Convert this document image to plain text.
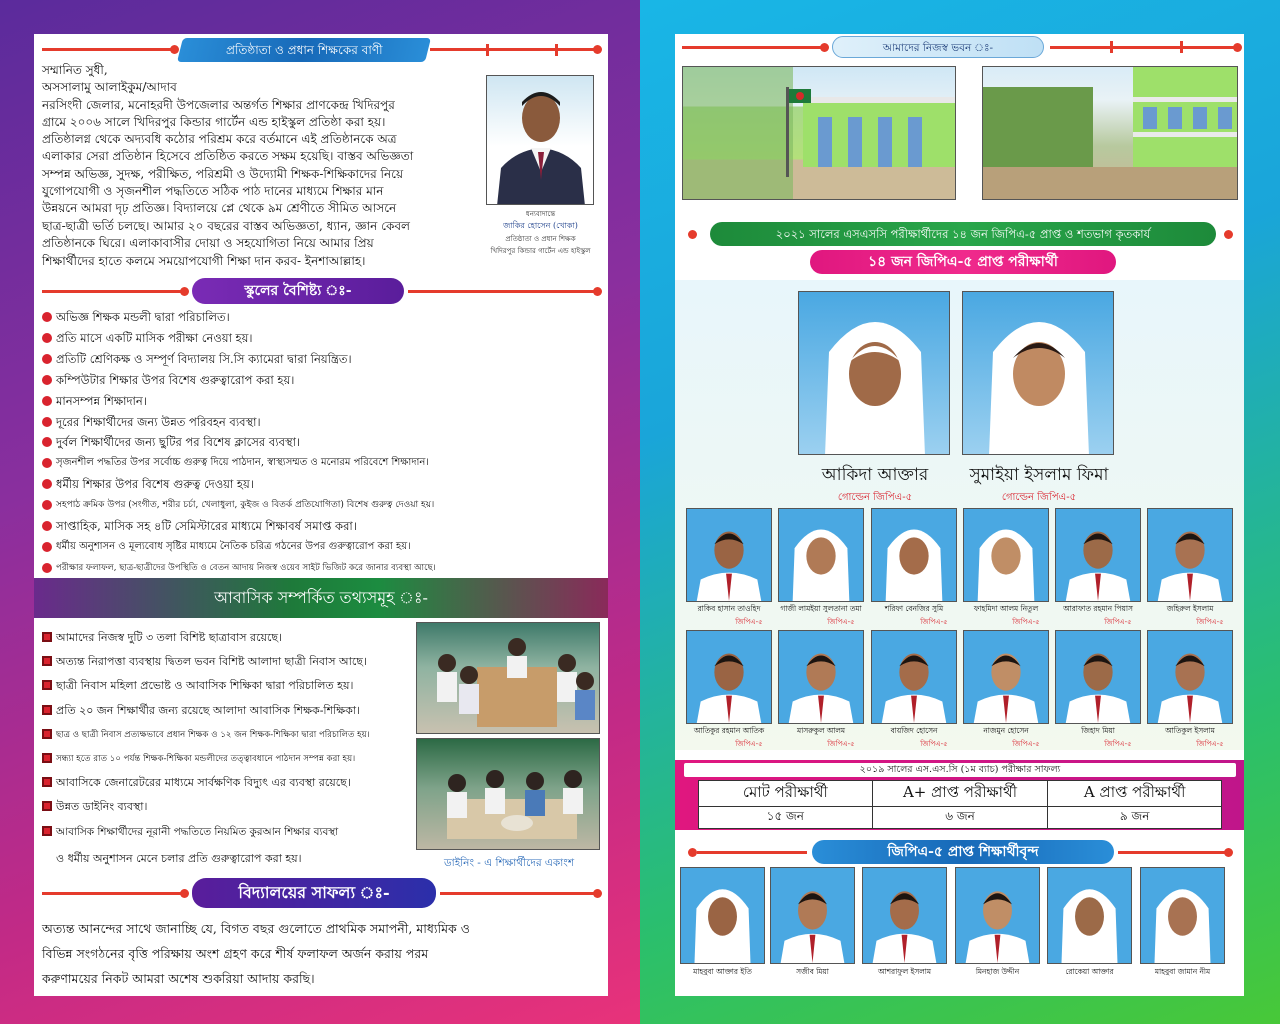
প্রতিষ্ঠাতা ও প্রধান শিক্ষকের বাণী
সম্মানিত সুধী,
অসসালামু আলাইকুম/আদাব
নরসিংদী জেলার, মনোহরদী উপজেলার অন্তর্গত শিক্ষার প্রাণকেন্দ্র খিদিরপুর
গ্রামে ২০০৬ সালে খিদিরপুর কিন্ডার গার্টেন এন্ড হাইস্কুল প্রতিষ্ঠা করা হয়।
প্রতিষ্ঠালগ্ন থেকে অদ্যবধি কঠোর পরিশ্রম করে বর্তমানে এই প্রতিষ্ঠানকে অত্র
এলাকার সেরা প্রতিষ্ঠান হিসেবে প্রতিষ্ঠিত করতে সক্ষম হয়েছি। বাস্তব অভিজ্ঞতা
সম্পন্ন অভিজ্ঞ, সুদক্ষ, পরীক্ষিত, পরিশ্রমী ও উদ্যোমী শিক্ষক-শিক্ষিকাদের নিয়ে
যুগোপযোগী ও সৃজনশীল পদ্ধতিতে সঠিক পাঠ দানের মাধ্যমে শিক্ষার মান
উন্নয়নে আমরা দৃঢ় প্রতিজ্ঞ। বিদ্যালয়ে প্লে থেকে ৯ম শ্রেণীতে সীমিত আসনে
ছাত্র-ছাত্রী ভর্তি চলছে। আমার ২০ বছরের বাস্তব অভিজ্ঞতা, ধ্যান, জ্ঞান কেবল
প্রতিষ্ঠানকে ঘিরে। এলাকাবাসীর দোয়া ও সহযোগিতা নিয়ে আমার প্রিয়
শিক্ষার্থীদের হাতে কলমে সময়োপযোগী শিক্ষা দান করব- ইনশাআল্লাহ।
ধন্যবাদান্তে
জাকির হোসেন (খোকা)
প্রতিষ্ঠাতা ও প্রধান শিক্ষক
খিদিরপুর কিন্ডার গার্টেন এন্ড হাইস্কুল
স্কুলের বৈশিষ্ট্য ঃ-
অভিজ্ঞ শিক্ষক মন্ডলী দ্বারা পরিচালিত।
প্রতি মাসে একটি মাসিক পরীক্ষা নেওয়া হয়।
প্রতিটি শ্রেণিকক্ষ ও সম্পূর্ণ বিদ্যালয় সি.সি ক্যামেরা দ্বারা নিয়ন্ত্রিত।
কম্পিউটার শিক্ষার উপর বিশেষ গুরুত্বারোপ করা হয়।
মানসম্পন্ন শিক্ষাদান।
দূরের শিক্ষার্থীদের জন্য উন্নত পরিবহন ব্যবস্থা।
দুর্বল শিক্ষার্থীদের জন্য ছুটির পর বিশেষ ক্লাসের ব্যবস্থা।
সৃজনশীল পদ্ধতির উপর সর্বোচ্চ গুরুত্ব দিয়ে পাঠদান, স্বাস্থ্যসম্মত ও মনোরম পরিবেশে শিক্ষাদান।
ধর্মীয় শিক্ষার উপর বিশেষ গুরুত্ব দেওয়া হয়।
সহপাঠ ক্রমিক উপর (সংগীত, শরীর চর্চা, খেলাধুলা, কুইজ ও বিতর্ক প্রতিযোগিতা) বিশেষ গুরুত্ব দেওয়া হয়।
সাপ্তাহিক, মাসিক সহ ৪টি সেমিস্টারের মাধ্যমে শিক্ষাবর্ষ সমাপ্ত করা।
ধর্মীয় অনুশাসন ও মূল্যবোধ সৃষ্টির মাধ্যমে নৈতিক চরিত্র গঠনের উপর গুরুত্বারোপ করা হয়।
পরীক্ষার ফলাফল, ছাত্র-ছাত্রীদের উপস্থিতি ও বেতন আদায় নিজস্ব ওয়েব সাইট ভিজিট করে জানার ব্যবস্থা আছে।
আবাসিক সম্পর্কিত তথ্যসমূহ ঃ-
আমাদের নিজস্ব দুটি ৩ তলা বিশিষ্ট ছাত্রাবাস রয়েছে।
অত্যন্ত নিরাপত্তা ব্যবস্থায় দ্বিতল ভবন বিশিষ্ট আলাদা ছাত্রী নিবাস আছে।
ছাত্রী নিবাস মহিলা প্রভোষ্ট ও আবাসিক শিক্ষিকা দ্বারা পরিচালিত হয়।
প্রতি ২০ জন শিক্ষার্থীর জন্য রয়েছে আলাদা আবাসিক শিক্ষক-শিক্ষিকা।
ছাত্র ও ছাত্রী নিবাস প্রত্যক্ষভাবে প্রধান শিক্ষক ও ১২ জন শিক্ষক-শিক্ষিকা দ্বারা পরিচালিত হয়।
সন্ধ্যা হতে রাত ১০ পর্যন্ত শিক্ষক-শিক্ষিকা মন্ডলীদের তত্ত্বাবধানে পাঠদান সম্পন্ন করা হয়।
আবাসিকে জেনারেটরের মাধ্যমে সার্বক্ষণিক বিদ্যুৎ এর ব্যবস্থা রয়েছে।
উন্নত ডাইনিং ব্যবস্থা।
আবাসিক শিক্ষার্থীদের নূরানী পদ্ধতিতে নিয়মিত কুরআন শিক্ষার ব্যবস্থা
ও ধর্মীয় অনুশাসন মেনে চলার প্রতি গুরুত্বারোপ করা হয়।	ডাইনিং - এ শিক্ষার্থীদের একাংশ
বিদ্যালয়ের সাফল্য ঃ-
অত্যন্ত আনন্দের সাথে জানাচ্ছি যে, বিগত বছর গুলোতে প্রাথমিক সমাপনী, মাধ্যমিক ও
বিভিন্ন সংগঠনের বৃত্তি পরিক্ষায় অংশ গ্রহণ করে শীর্ষ ফলাফল অর্জন করায় পরম
করুণাময়ের নিকট আমরা অশেষ শুকরিয়া আদায় করছি।
আমাদের নিজস্ব ভবন ঃ-
২০২১ সালের এসএসসি পরীক্ষার্থীদের ১৪ জন জিপিএ-৫ প্রাপ্ত ও শতভাগ কৃতকার্য
১৪ জন জিপিএ-৫ প্রাপ্ত পরীক্ষার্থী
আকিদা আক্তার
গোল্ডেন জিপিএ-৫
সুমাইয়া ইসলাম ফিমা
গোল্ডেন জিপিএ-৫
রাকিব হাসান তাওহিদ
জিপিএ-৫
গাজী লামইয়া সুলতানা তমা
জিপিএ-৫
শরিফা বেনজির সুমি
জিপিএ-৫
ফাহমিদা আলম নিতুল
জিপিএ-৫
আরাফাত রহমান পিয়াস
জিপিএ-৫
জহিরুল ইসলাম
জিপিএ-৫
আতিকুর রহমান আতিক
জিপিএ-৫
মাসরুকুল আলম
জিপিএ-৫
বায়জিদ হোসেন
জিপিএ-৫
নাজমুন হোসেন
জিপিএ-৫
জিহাদ মিয়া
জিপিএ-৫
আতিকুল ইসলাম
জিপিএ-৫
২০১৯ সালের এস.এস.সি (১ম ব্যাচ) পরীক্ষার সাফল্য
মোট পরীক্ষার্থী	A+ প্রাপ্ত পরীক্ষার্থী	A প্রাপ্ত পরীক্ষার্থী
১৫ জন	৬ জন	৯ জন
জিপিএ-৫ প্রাপ্ত শিক্ষার্থীবৃন্দ
মাহবুবা আক্তার ইতি	সজীব মিয়া	আশরাফুল ইসলাম	মিনহাজ উদ্দীন	রোকেয়া আক্তার	মাহবুবা জামান নীম
